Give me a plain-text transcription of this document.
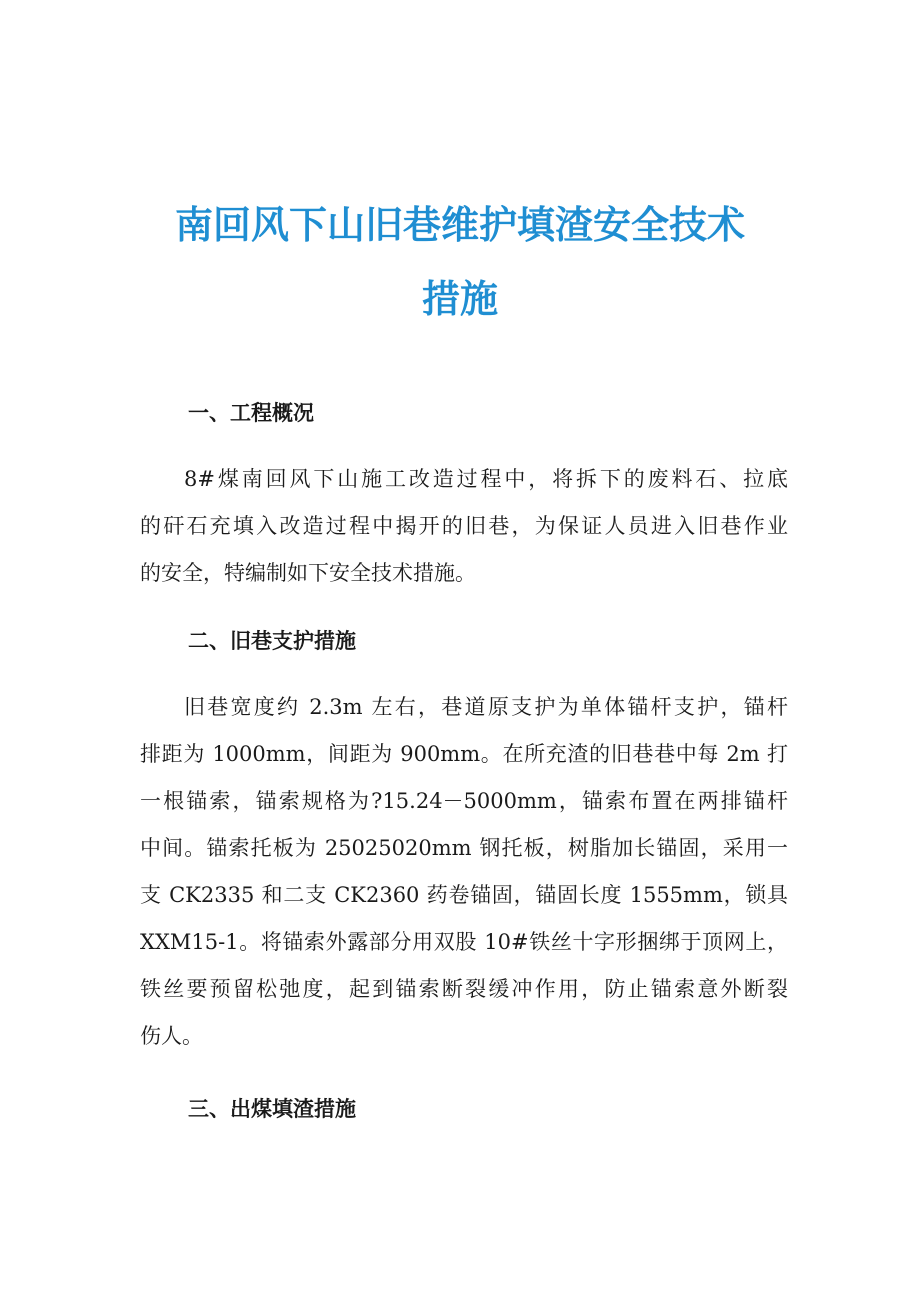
南回风下山旧巷维护填渣安全技术
措施
一、工程概况

8#煤南回风下山施工改造过程中，将拆下的废料石、拉底
的矸石充填入改造过程中揭开的旧巷，为保证人员进入旧巷作业
的安全，特编制如下安全技术措施。

二、旧巷支护措施

旧巷宽度约 2.3m 左右，巷道原支护为单体锚杆支护，锚杆
排距为 1000mm，间距为 900mm。在所充渣的旧巷巷中每 2m 打
一根锚索，锚索规格为?15.24－5000mm，锚索布置在两排锚杆
中间。锚索托板为 25025020mm 钢托板，树脂加长锚固，采用一
支 CK2335 和二支 CK2360 药卷锚固，锚固长度 1555mm，锁具
XXM15-1。将锚索外露部分用双股 10#铁丝十字形捆绑于顶网上，
铁丝要预留松弛度，起到锚索断裂缓冲作用，防止锚索意外断裂
伤人。

三、出煤填渣措施
